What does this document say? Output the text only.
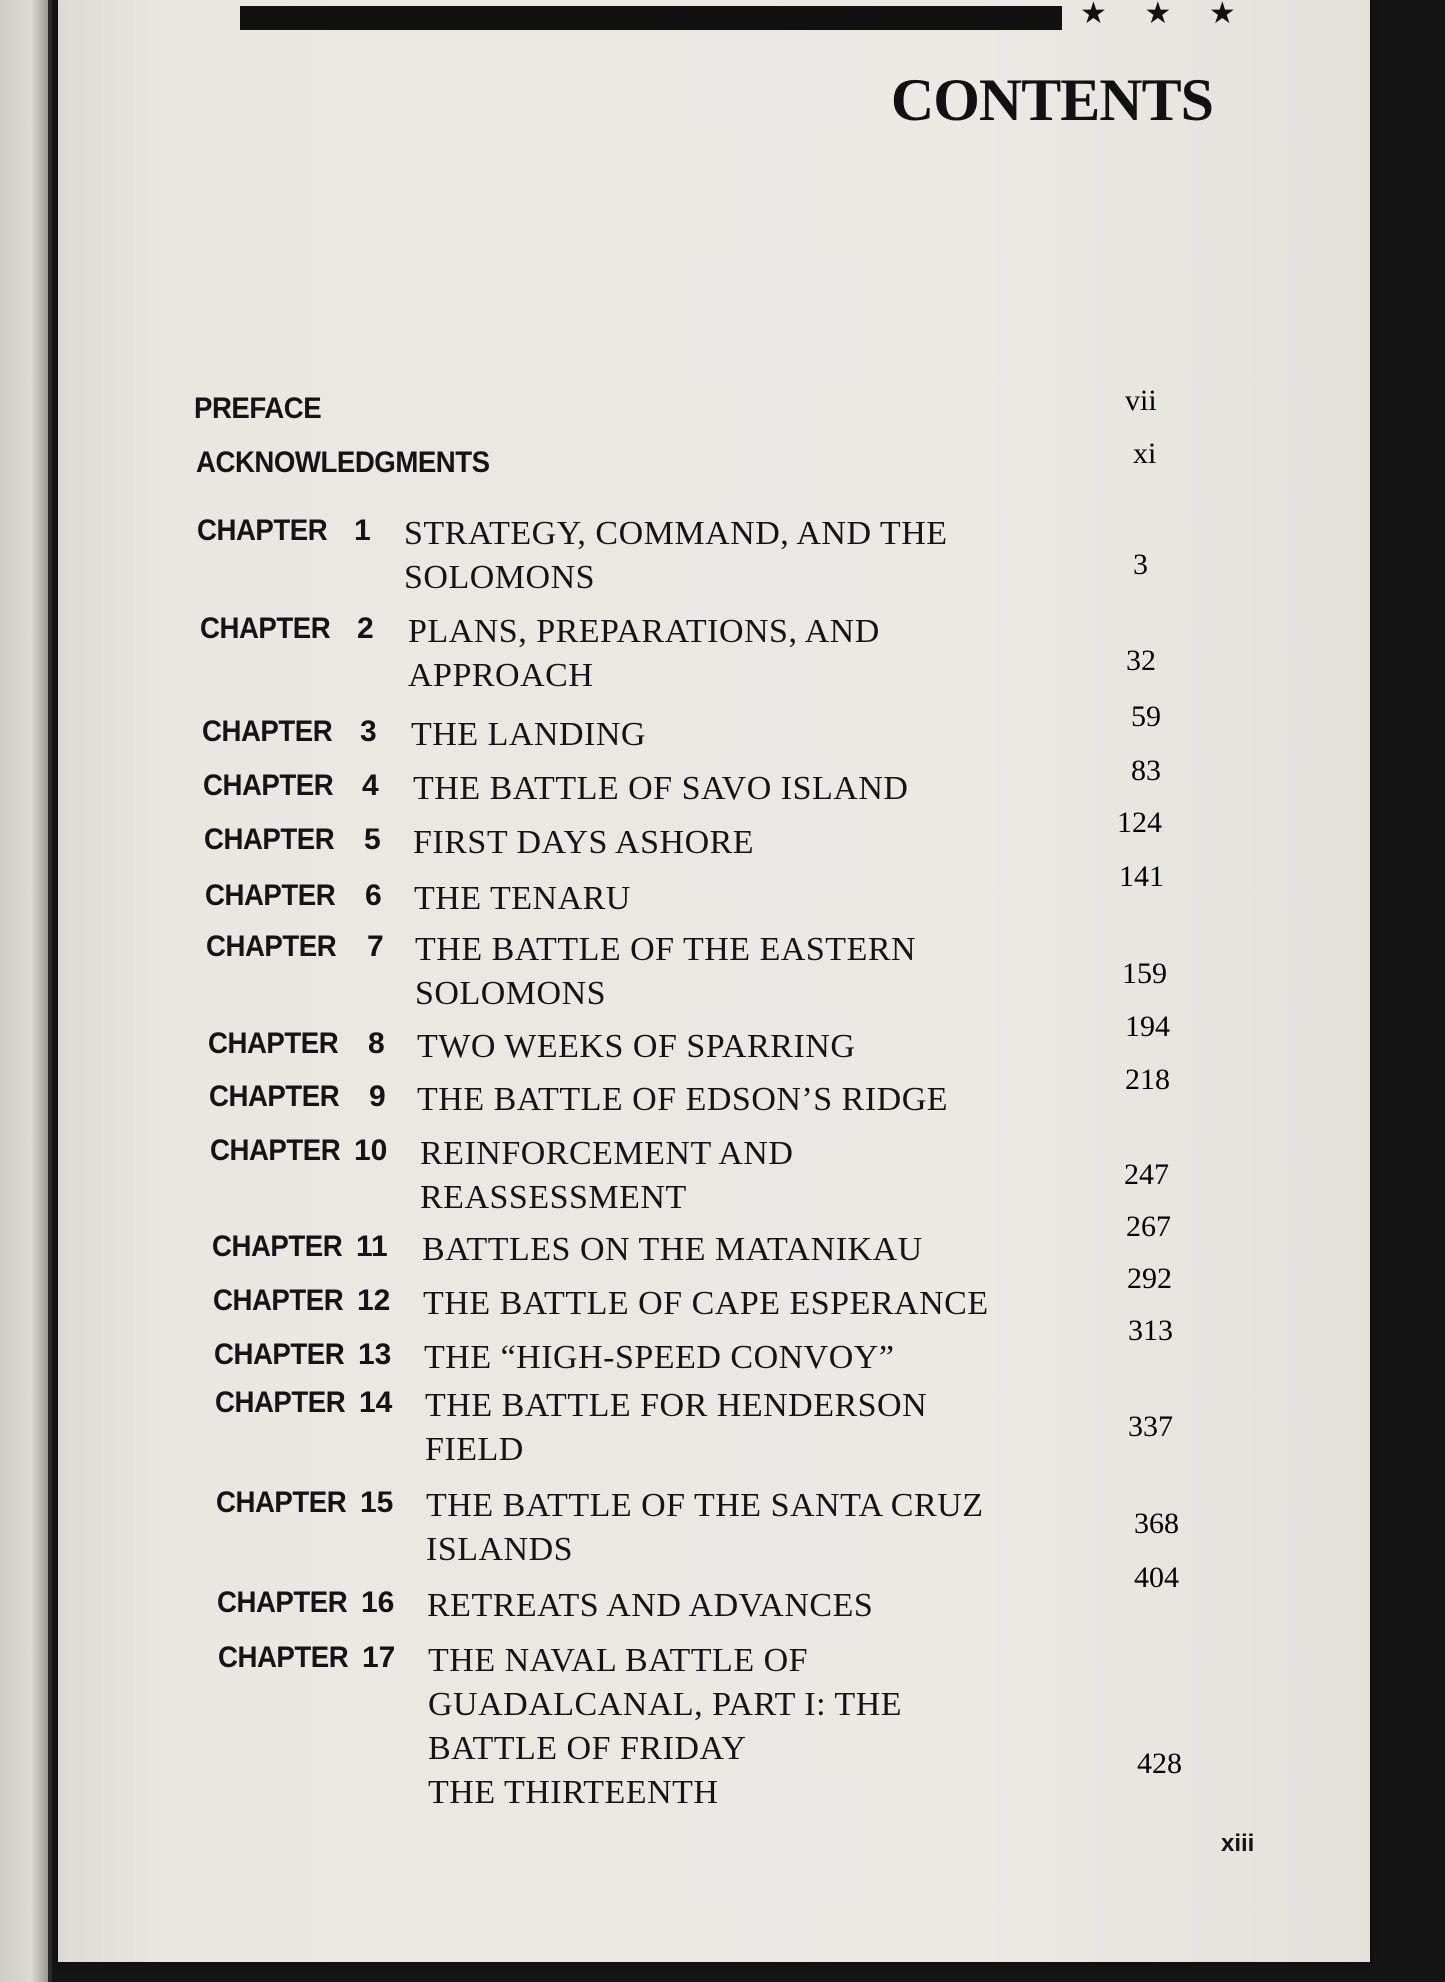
★ ★ ★
CONTENTS
PREFACE	vii
ACKNOWLEDGMENTS	xi
CHAPTER 1 STRATEGY, COMMAND, AND THE
SOLOMONS	3
CHAPTER 2 PLANS, PREPARATIONS, AND
APPROACH	32
CHAPTER 3 THE LANDING	59
CHAPTER 4 THE BATTLE OF SAVO ISLAND	83
CHAPTER 5 FIRST DAYS ASHORE
124
CHAPTER 6 THE TENARU
141
CHAPTER 7 THE BATTLE OF THE EASTERN
SOLOMONS
159
CHAPTER 8 TWO WEEKS OF SPARRING
194
CHAPTER 9 THE BATTLE OF EDSON’S RIDGE
218
CHAPTER 10 REINFORCEMENT AND
REASSESSMENT
247
CHAPTER 11 BATTLES ON THE MATANIKAU
267
CHAPTER 12 THE BATTLE OF CAPE ESPERANCE
292
CHAPTER 13 THE “HIGH-SPEED CONVOY”
313
CHAPTER 14 THE BATTLE FOR HENDERSON
FIELD
337
CHAPTER 15 THE BATTLE OF THE SANTA CRUZ
ISLANDS
368
CHAPTER 16 RETREATS AND ADVANCES
404
CHAPTER 17 THE NAVAL BATTLE OF
GUADALCANAL, PART I: THE
BATTLE OF FRIDAY
THE THIRTEENTH
428
xiii
